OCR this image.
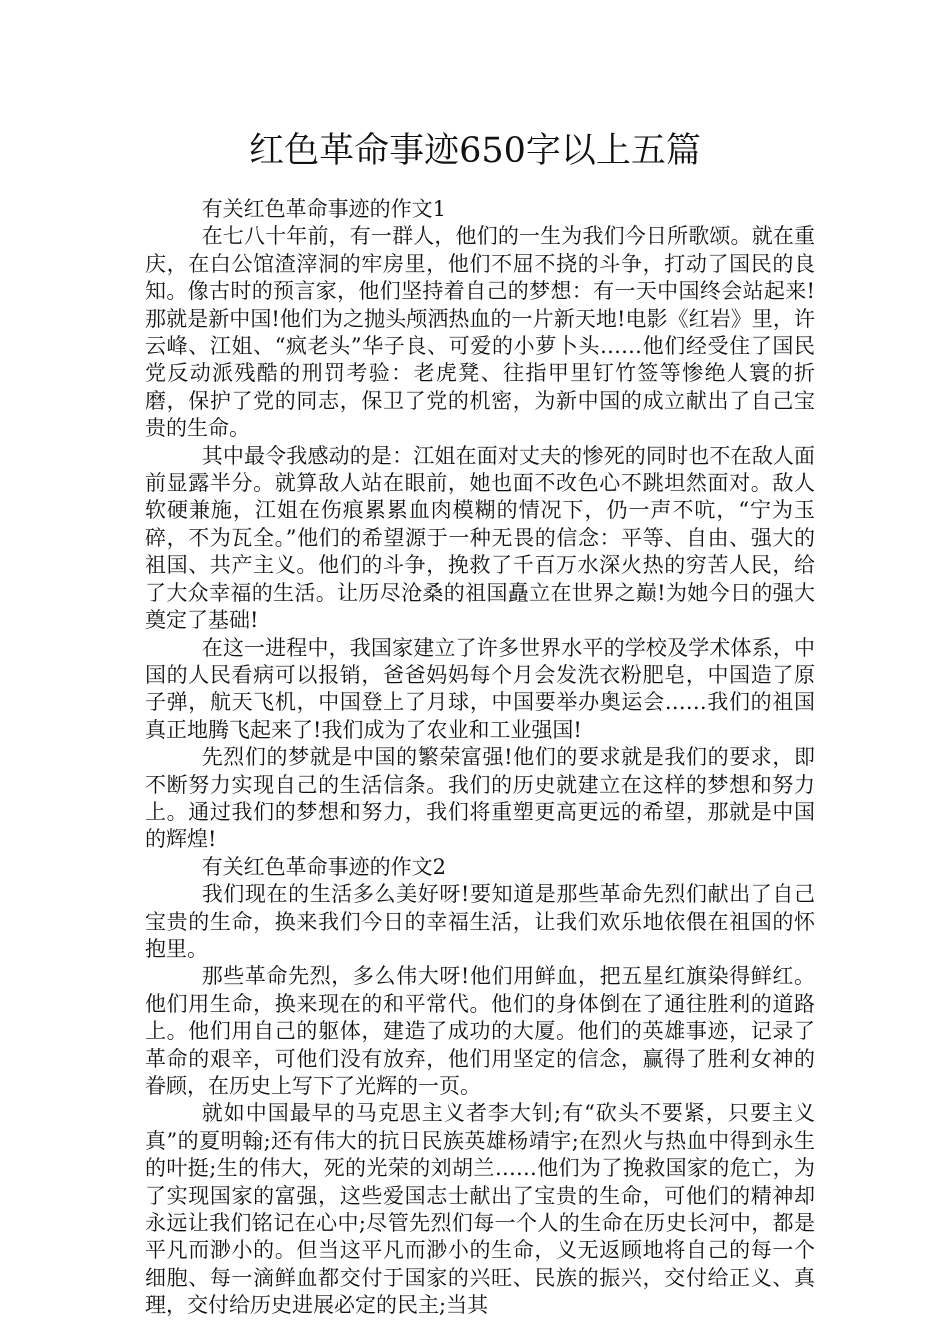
红色革命事迹650字以上五篇

有关红色革命事迹的作文1

在七八十年前，有一群人，他们的一生为我们今日所歌颂。就在重庆，在白公馆渣滓洞的牢房里，他们不屈不挠的斗争，打动了国民的良知。像古时的预言家，他们坚持着自己的梦想：有一天中国终会站起来!那就是新中国!他们为之抛头颅洒热血的一片新天地!电影《红岩》里，许云峰、江姐、“疯老头”华子良、可爱的小萝卜头……他们经受住了国民党反动派残酷的刑罚考验：老虎凳、往指甲里钉竹签等惨绝人寰的折磨，保护了党的同志，保卫了党的机密，为新中国的成立献出了自己宝贵的生命。

其中最令我感动的是：江姐在面对丈夫的惨死的同时也不在敌人面前显露半分。就算敌人站在眼前，她也面不改色心不跳坦然面对。敌人软硬兼施，江姐在伤痕累累血肉模糊的情况下，仍一声不吭，“宁为玉碎，不为瓦全。”他们的希望源于一种无畏的信念：平等、自由、强大的祖国、共产主义。他们的斗争，挽救了千百万水深火热的穷苦人民，给了大众幸福的生活。让历尽沧桑的祖国矗立在世界之巅!为她今日的强大奠定了基础!

在这一进程中，我国家建立了许多世界水平的学校及学术体系，中国的人民看病可以报销，爸爸妈妈每个月会发洗衣粉肥皂，中国造了原子弹，航天飞机，中国登上了月球，中国要举办奥运会……我们的祖国真正地腾飞起来了!我们成为了农业和工业强国!

先烈们的梦就是中国的繁荣富强!他们的要求就是我们的要求，即不断努力实现自己的生活信条。我们的历史就建立在这样的梦想和努力上。通过我们的梦想和努力，我们将重塑更高更远的希望，那就是中国的辉煌!

有关红色革命事迹的作文2

我们现在的生活多么美好呀!要知道是那些革命先烈们献出了自己宝贵的生命，换来我们今日的幸福生活，让我们欢乐地依偎在祖国的怀抱里。

那些革命先烈，多么伟大呀!他们用鲜血，把五星红旗染得鲜红。他们用生命，换来现在的和平常代。他们的身体倒在了通往胜利的道路上。他们用自己的躯体，建造了成功的大厦。他们的英雄事迹，记录了革命的艰辛，可他们没有放弃，他们用坚定的信念，赢得了胜利女神的眷顾，在历史上写下了光辉的一页。

就如中国最早的马克思主义者李大钊;有“砍头不要紧，只要主义真”的夏明翰;还有伟大的抗日民族英雄杨靖宇;在烈火与热血中得到永生的叶挺;生的伟大，死的光荣的刘胡兰……他们为了挽救国家的危亡，为了实现国家的富强，这些爱国志士献出了宝贵的生命，可他们的精神却永远让我们铭记在心中;尽管先烈们每一个人的生命在历史长河中，都是平凡而渺小的。但当这平凡而渺小的生命，义无返顾地将自己的每一个细胞、每一滴鲜血都交付于国家的兴旺、民族的振兴，交付给正义、真理，交付给历史进展必定的民主;当其
